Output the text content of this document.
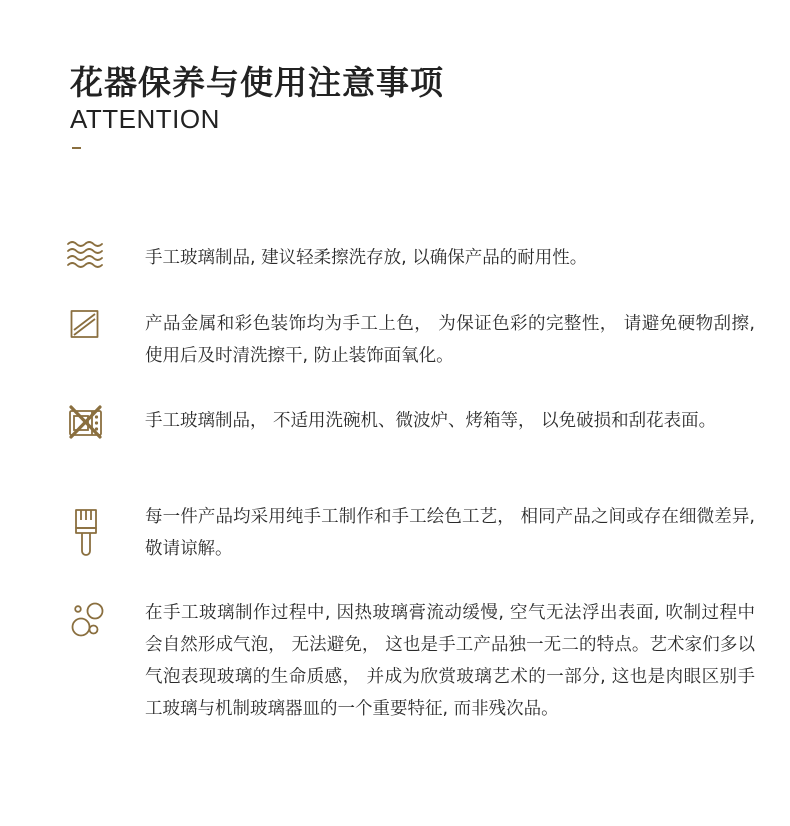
花器保养与使用注意事项
ATTENTION
手工玻璃制品, 建议轻柔擦洗存放, 以确保产品的耐用性。
产品金属和彩色装饰均为手工上色， 为保证色彩的完整性， 请避免硬物刮擦, 使用后及时清洗擦干, 防止装饰面氧化。
手工玻璃制品， 不适用洗碗机、微波炉、烤箱等， 以免破损和刮花表面。
每一件产品均采用纯手工制作和手工绘色工艺， 相同产品之间或存在细微差异, 敬请谅解。
在手工玻璃制作过程中, 因热玻璃膏流动缓慢, 空气无法浮出表面, 吹制过程中会自然形成气泡， 无法避免， 这也是手工产品独一无二的特点。艺术家们多以气泡表现玻璃的生命质感， 并成为欣赏玻璃艺术的一部分, 这也是肉眼区别手工玻璃与机制玻璃器皿的一个重要特征, 而非残次品。
